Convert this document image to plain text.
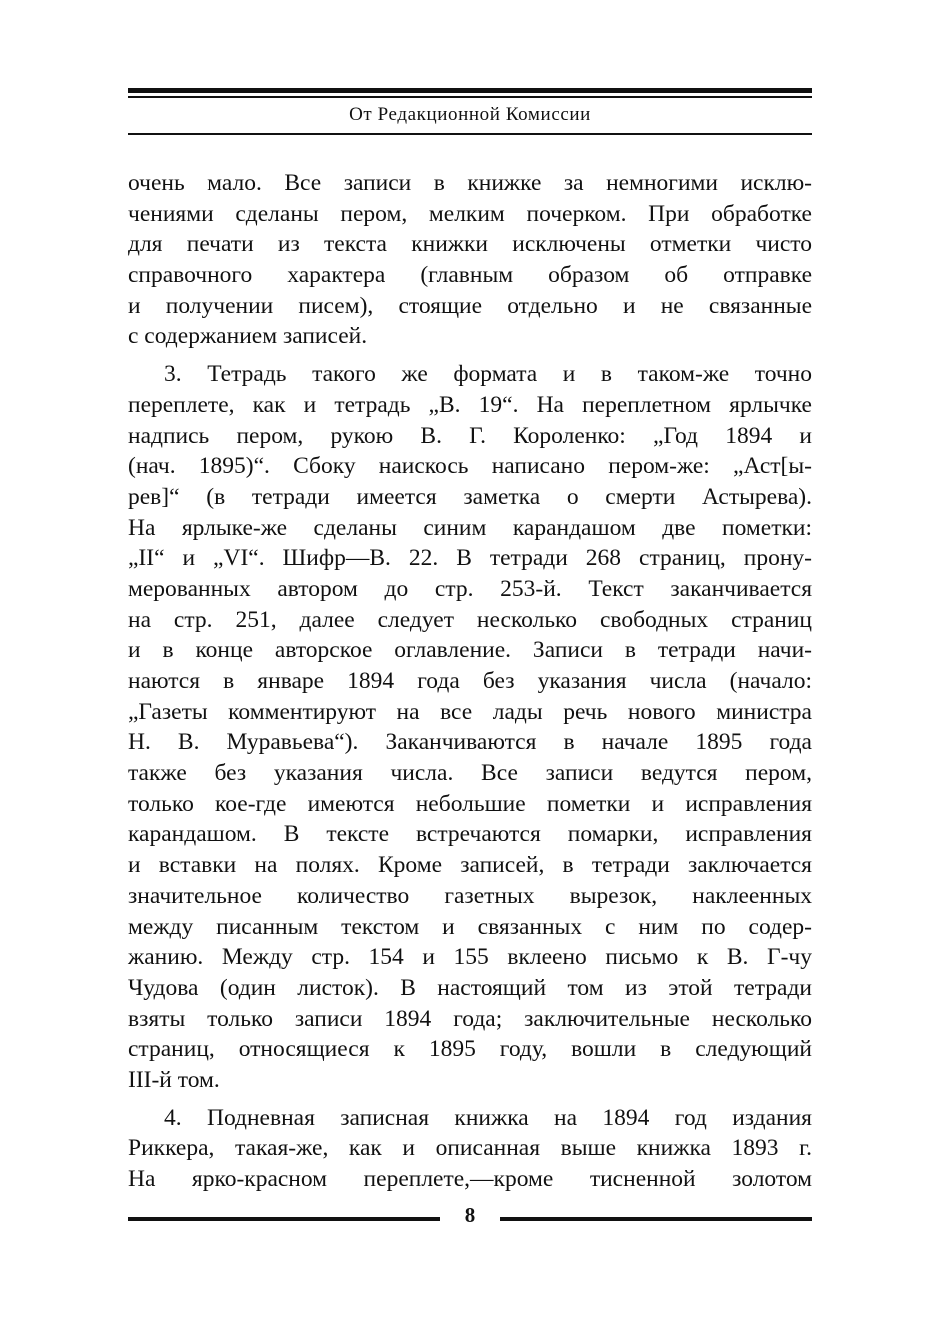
От Редакционной Комиссии
очень мало. Все записи в книжке за немногими исклю-
чениями сделаны пером, мелким почерком. При обработке
для печати из текста книжки исключены отметки чисто
справочного характера (главным образом об отправке
и получении писем), стоящие отдельно и не связанные
с содержанием записей.
3. Тетрадь такого же формата и в таком-же точно
переплете, как и тетрадь „В. 19“. На переплетном ярлычке
надпись пером, рукою В. Г. Короленко: „Год 1894 и
(нач. 1895)“. Сбоку наискось написано пером-же: „Аст[ы-
рев]“ (в тетради имеется заметка о смерти Астырева).
На ярлыке-же сделаны синим карандашом две пометки:
„II“ и „VI“. Шифр—В. 22. В тетради 268 страниц, прону-
мерованных автором до стр. 253-й. Текст заканчивается
на стр. 251, далее следует несколько свободных страниц
и в конце авторское оглавление. Записи в тетради начи-
наются в январе 1894 года без указания числа (начало:
„Газеты комментируют на все лады речь нового министра
Н. В. Муравьева“). Заканчиваются в начале 1895 года
также без указания числа. Все записи ведутся пером,
только кое-где имеются небольшие пометки и исправления
карандашом. В тексте встречаются помарки, исправления
и вставки на полях. Кроме записей, в тетради заключается
значительное количество газетных вырезок, наклеенных
между писанным текстом и связанных с ним по содер-
жанию. Между стр. 154 и 155 вклеено письмо к В. Г-чу
Чудова (один листок). В настоящий том из этой тетради
взяты только записи 1894 года; заключительные несколько
страниц, относящиеся к 1895 году, вошли в следующий
III-й том.
4. Подневная записная книжка на 1894 год издания
Риккера, такая-же, как и описанная выше книжка 1893 г.
На ярко-красном переплете,—кроме тисненной золотом
8
